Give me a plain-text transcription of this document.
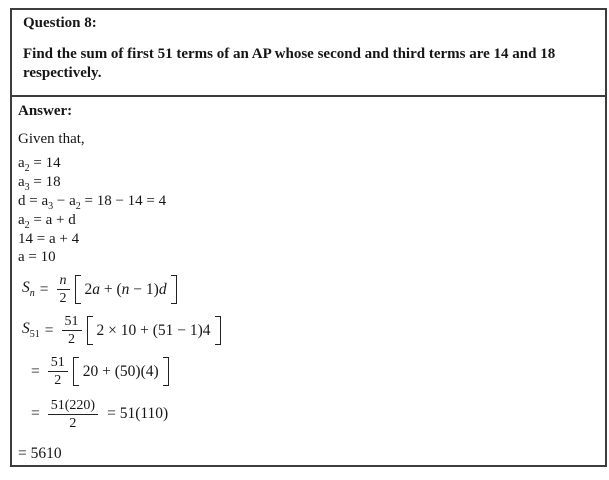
Question 8:
Find the sum of first 51 terms of an AP whose second and third terms are 14 and 18 respectively.
Answer:
Given that,
$a_2 = 14$
$a_3 = 18$
$d = a_3 - a_2 = 18 - 14 = 4$
$a_2 = a + d$
14 = a + 4
a = 10
$S_n = \frac{n}{2} 2a + (n - 1)d$
$S_{51} = \frac{51}{2} 2 \times 10 + (51 - 1)4$
= $\frac{51}{2} 20 + (50)(4)$
= $\frac{51(220)}{2} = 51(110)$
= 5610
